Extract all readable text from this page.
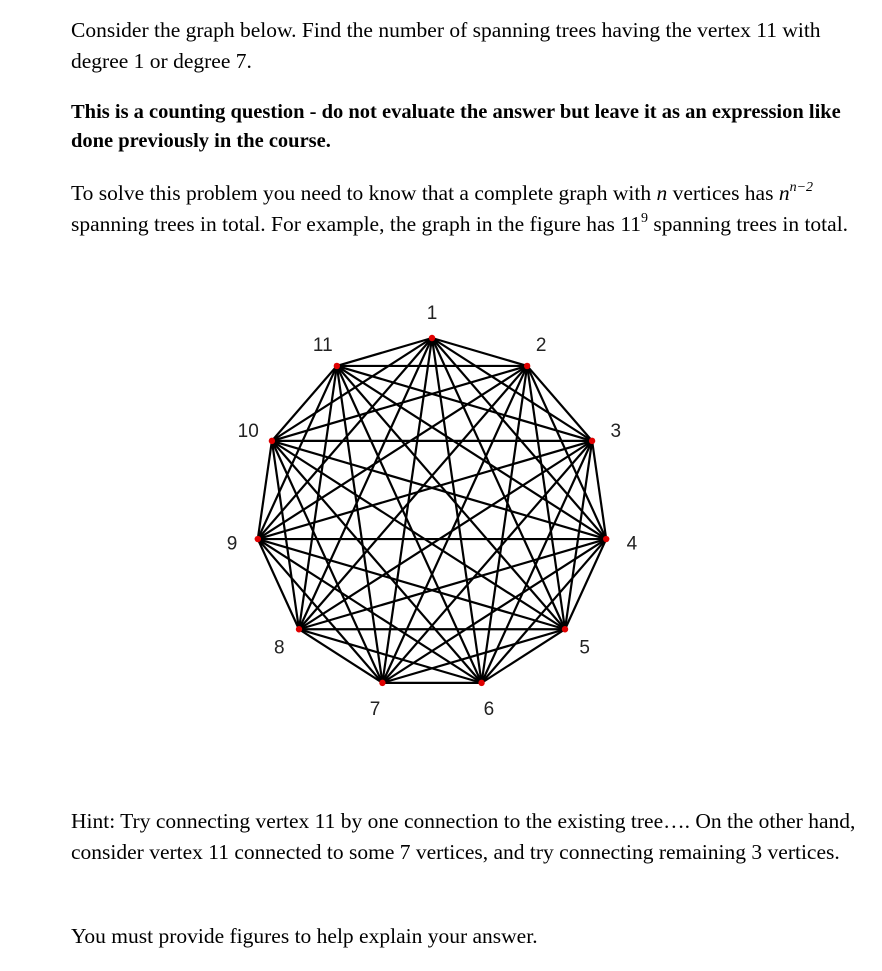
Consider the graph below. Find the number of spanning trees having the vertex 11 with degree 1 or degree 7.
This is a counting question - do not evaluate the answer but leave it as an expression like done previously in the course.
To solve this problem you need to know that a complete graph with n vertices has $n^{n-2}$ spanning trees in total. For example, the graph in the figure has $11^9$ spanning trees in total.
1
2
3
4
5
6
7
8
9
10
11
Hint: Try connecting vertex 11 by one connection to the existing tree…. On the other hand, consider vertex 11 connected to some 7 vertices, and try connecting remaining 3 vertices.
You must provide figures to help explain your answer.
